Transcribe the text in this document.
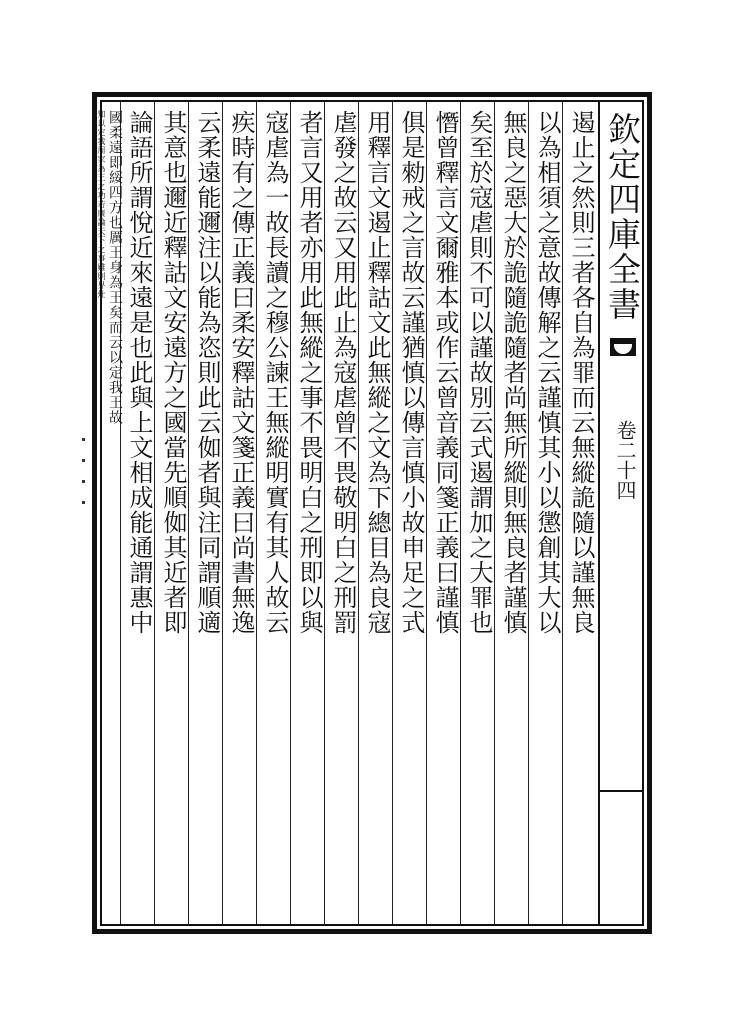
欽定四庫全書
卷二十四
遏止之然則三者各自為罪而云無縱詭隨以謹無良
以為相須之意故傳解之云謹慎其小以懲創其大以
無良之惡大於詭隨詭隨者尚無所縱則無良者謹慎
矣至於寇虐則不可以謹故別云式遏謂加之大罪也
憯曾釋言文爾雅本或作云曾音義同箋正義曰謹慎
俱是勑戒之言故云謹猶慎以傳言慎小故申足之式
用釋言文遏止釋詁文此無縱之文為下總目為良寇
虐發之故云又用此止為寇虐曾不畏敬明白之刑罰
者言又用者亦用此無縱之事不畏明白之刑即以與
寇虐為一故長讀之穆公諫王無縱明實有其人故云
疾時有之傳正義曰柔安釋詁文箋正義曰尚書無逸
云柔遠能邇注以能為恣則此云侞者與注同謂順適
其意也邇近釋詁文安遠方之國當先順侞其近者即
論語所謂悅近來遠是也此與上文相成能通謂惠中
國柔遠即綏四方也厲王身為王矣而云以定我王故
知以定我周家為王之功若廣論天下之事雖則畀灶
